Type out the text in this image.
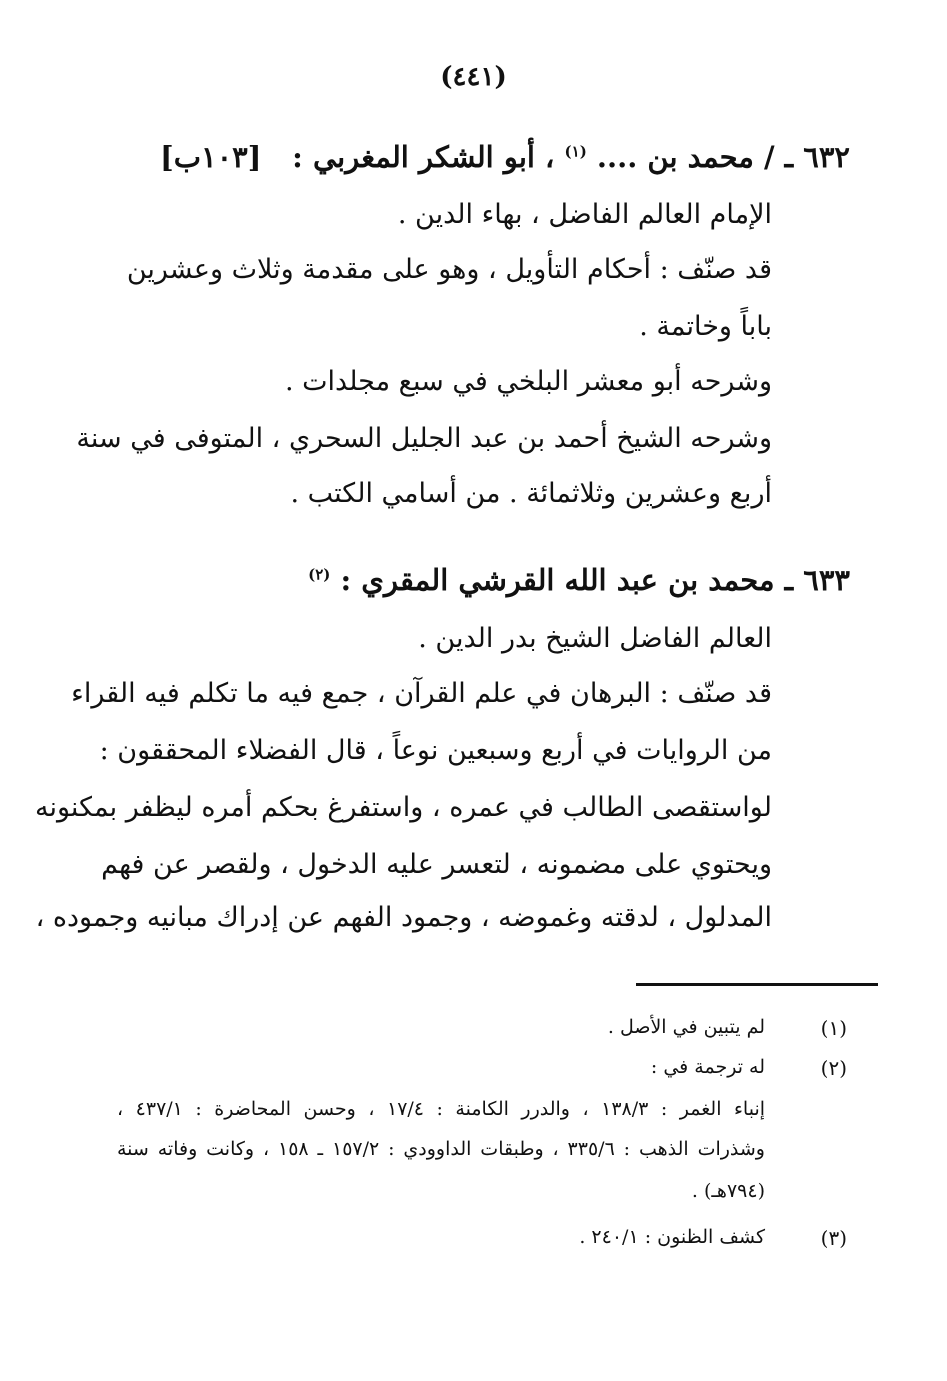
(٤٤١)
٦٣٢ ـ / محمد بن .... $^{(١)}$ ، أبو الشكر المغربي :
[١٠٣ب]
الإمام العالم الفاضل ، بهاء الدين .
قد صنّف : أحكام التأويل ، وهو على مقدمة وثلاث وعشرين
باباً وخاتمة .
وشرحه أبو معشر البلخي في سبع مجلدات .
وشرحه الشيخ أحمد بن عبد الجليل السحري ، المتوفى في سنة
أربع وعشرين وثلاثمائة . من أسامي الكتب .
٦٣٣ ـ محمد بن عبد الله القرشي المقري : $^{(٢)}$
العالم الفاضل الشيخ بدر الدين .
قد صنّف : البرهان في علم القرآن ، جمع فيه ما تكلم فيه القراء
من الروايات في أربع وسبعين نوعاً ، قال الفضلاء المحققون :
لواستقصى الطالب في عمره ، واستفرغ بحكم أمره ليظفر بمكنونه
ويحتوي على مضمونه ، لتعسر عليه الدخول ، ولقصر عن فهم
المدلول ، لدقته وغموضه ، وجمود الفهم عن إدراك مبانيه وجموده ،
(١)
لم يتبين في الأصل .
(٢)
له ترجمة في :
إنباء الغمر : ١٣٨/٣ ، والدرر الكامنة : ١٧/٤ ، وحسن المحاضرة : ٤٣٧/١ ،
وشذرات الذهب : ٣٣٥/٦ ، وطبقات الداوودي : ١٥٧/٢ ـ ١٥٨ ، وكانت وفاته سنة
(٧٩٤هـ) .
(٣)
كشف الظنون : ٢٤٠/١ .
